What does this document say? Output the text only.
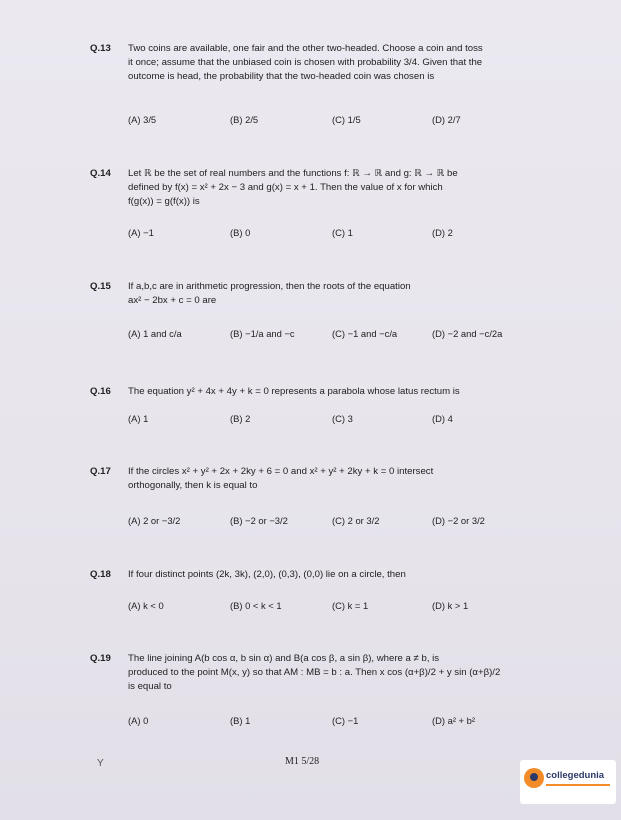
Q.13 Two coins are available, one fair and the other two-headed. Choose a coin and toss
it once; assume that the unbiased coin is chosen with probability 3/4. Given that the
outcome is head, the probability that the two-headed coin was chosen is
(A) 3/5	(B) 2/5	(C) 1/5	(D) 2/7
Q.14 Let ℝ be the set of real numbers and the functions f: ℝ → ℝ and g: ℝ → ℝ be
defined by f(x) = x² + 2x − 3 and g(x) = x + 1. Then the value of x for which
f(g(x)) = g(f(x)) is
(A) −1	(B) 0	(C) 1	(D) 2
Q.15 If a,b,c are in arithmetic progression, then the roots of the equation
ax² − 2bx + c = 0 are
(A) 1 and c/a	(B) −1/a and −c	(C) −1 and −c/a	(D) −2 and −c/2a
Q.16 The equation y² + 4x + 4y + k = 0 represents a parabola whose latus rectum is
(A) 1	(B) 2	(C) 3	(D) 4
Q.17 If the circles x² + y² + 2x + 2ky + 6 = 0 and x² + y² + 2ky + k = 0 intersect
orthogonally, then k is equal to
(A) 2 or −3/2	(B) −2 or −3/2	(C) 2 or 3/2	(D) −2 or 3/2
Q.18 If four distinct points (2k, 3k), (2,0), (0,3), (0,0) lie on a circle, then
(A) k < 0	(B) 0 < k < 1	(C) k = 1	(D) k > 1
Q.19 The line joining A(b cos α, b sin α) and B(a cos β, a sin β), where a ≠ b, is
produced to the point M(x, y) so that AM : MB = b : a. Then x cos (α+β)/2 + y sin (α+β)/2
is equal to
(A) 0	(B) 1	(C) −1	(D) a² + b²
Y	M1 5/28
collegedunia
